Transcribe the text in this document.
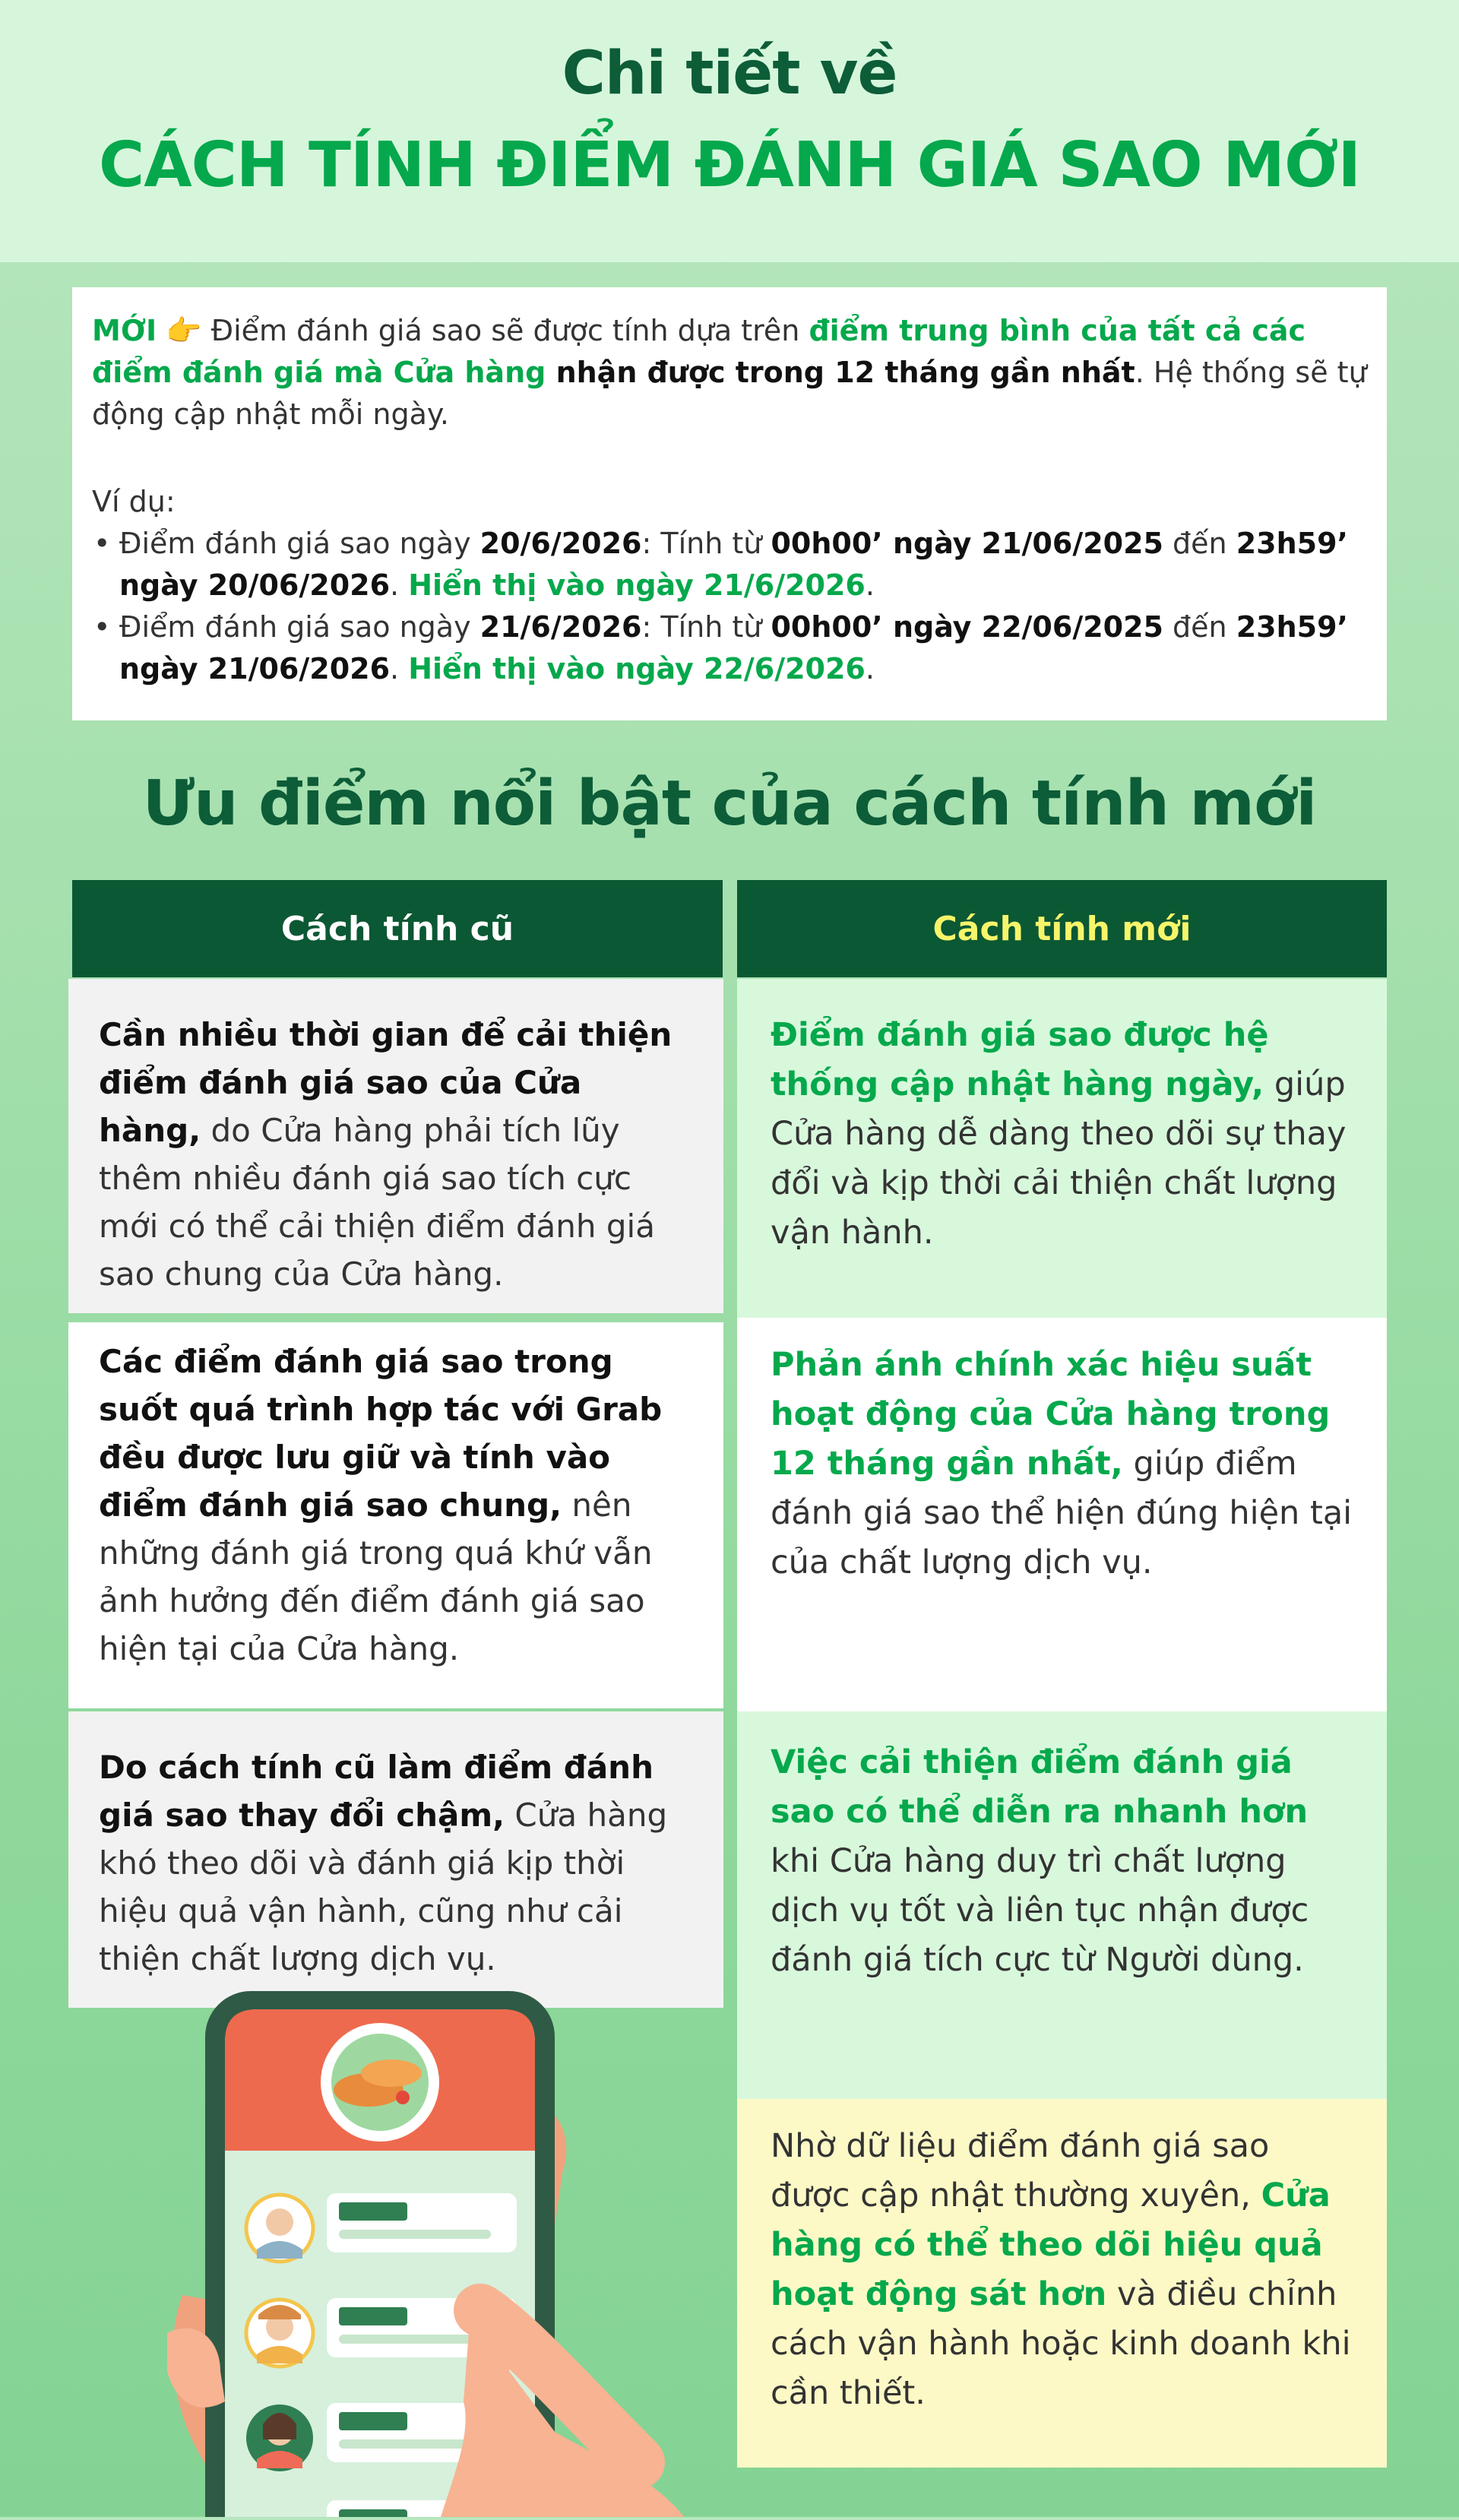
Chi tiết về
CÁCH TÍNH ĐIỂM ĐÁNH GIÁ SAO MỚI

MỚI 👉 Điểm đánh giá sao sẽ được tính dựa trên điểm trung bình của tất cả các điểm đánh giá mà Cửa hàng nhận được trong 12 tháng gần nhất. Hệ thống sẽ tự động cập nhật mỗi ngày.

Ví dụ:

• Điểm đánh giá sao ngày 20/6/2026: Tính từ 00h00’ ngày 21/06/2025 đến 23h59’ ngày 20/06/2026. Hiển thị vào ngày 21/6/2026.

• Điểm đánh giá sao ngày 21/6/2026: Tính từ 00h00’ ngày 22/06/2025 đến 23h59’ ngày 21/06/2026. Hiển thị vào ngày 22/6/2026.

Ưu điểm nổi bật của cách tính mới
Cách tính cũ	Cách tính mới

Cần nhiều thời gian để cải thiện điểm đánh giá sao của Cửa hàng, do Cửa hàng phải tích lũy thêm nhiều đánh giá sao tích cực mới có thể cải thiện điểm đánh giá sao chung của Cửa hàng.

Các điểm đánh giá sao trong suốt quá trình hợp tác với Grab đều được lưu giữ và tính vào điểm đánh giá sao chung, nên những đánh giá trong quá khứ vẫn ảnh hưởng đến điểm đánh giá sao hiện tại của Cửa hàng.

Do cách tính cũ làm điểm đánh giá sao thay đổi chậm, Cửa hàng khó theo dõi và đánh giá kịp thời hiệu quả vận hành, cũng như cải thiện chất lượng dịch vụ.

Điểm đánh giá sao được hệ thống cập nhật hàng ngày, giúp Cửa hàng dễ dàng theo dõi sự thay đổi và kịp thời cải thiện chất lượng vận hành.

Phản ánh chính xác hiệu suất hoạt động của Cửa hàng trong 12 tháng gần nhất, giúp điểm đánh giá sao thể hiện đúng hiện tại của chất lượng dịch vụ.

Việc cải thiện điểm đánh giá sao có thể diễn ra nhanh hơn khi Cửa hàng duy trì chất lượng dịch vụ tốt và liên tục nhận được đánh giá tích cực từ Người dùng.

Nhờ dữ liệu điểm đánh giá sao được cập nhật thường xuyên, Cửa hàng có thể theo dõi hiệu quả hoạt động sát hơn và điều chỉnh cách vận hành hoặc kinh doanh khi cần thiết.
